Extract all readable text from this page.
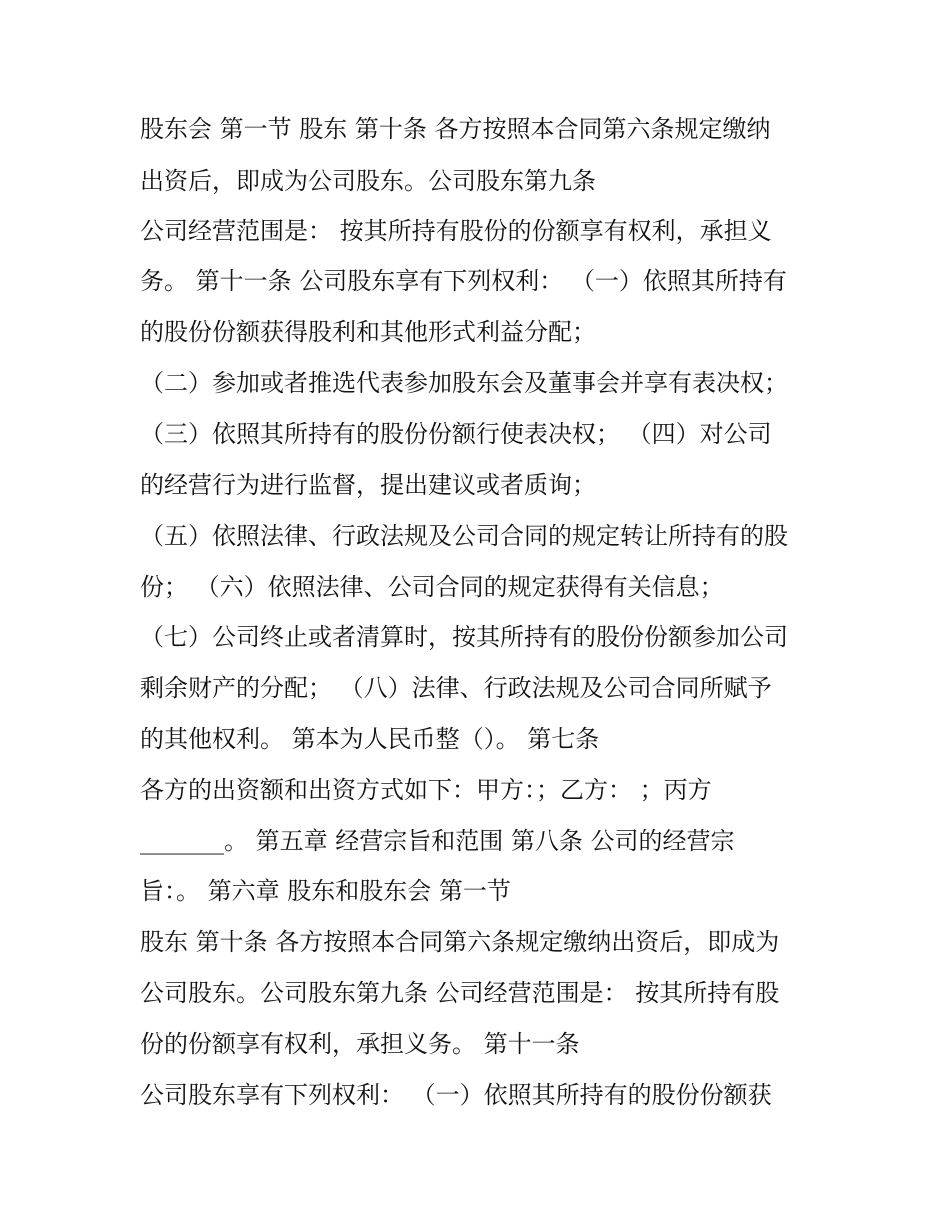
股东会 第一节 股东 第十条 各方按照本合同第六条规定缴纳
出资后，即成为公司股东。公司股东第九条
公司经营范围是： 按其所持有股份的份额享有权利，承担义
务。 第十一条 公司股东享有下列权利： （一）依照其所持有
的股份份额获得股利和其他形式利益分配；
（二）参加或者推选代表参加股东会及董事会并享有表决权；
（三）依照其所持有的股份份额行使表决权； （四）对公司
的经营行为进行监督，提出建议或者质询；
（五）依照法律、行政法规及公司合同的规定转让所持有的股
份； （六）依照法律、公司合同的规定获得有关信息；
（七）公司终止或者清算时，按其所持有的股份份额参加公司
剩余财产的分配； （八）法律、行政法规及公司合同所赋予
的其他权利。 第本为人民币整（）。 第七条
各方的出资额和出资方式如下：甲方：；乙方： ；丙方
_______。 第五章 经营宗旨和范围 第八条 公司的经营宗
旨：。 第六章 股东和股东会 第一节
股东 第十条 各方按照本合同第六条规定缴纳出资后，即成为
公司股东。公司股东第九条 公司经营范围是： 按其所持有股
份的份额享有权利，承担义务。 第十一条
公司股东享有下列权利： （一）依照其所持有的股份份额获
